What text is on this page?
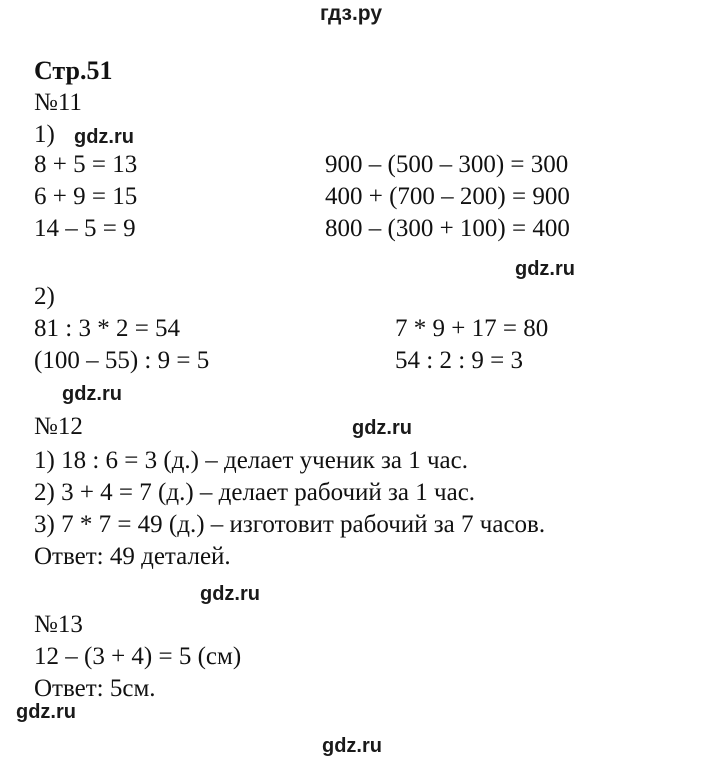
гдз.ру
Стр.51
№11
1) gdz.ru
8 + 5 = 13
6 + 9 = 15
14 – 5 = 9
900 – (500 – 300) = 300
400 + (700 – 200) = 900
800 – (300 + 100) = 400
gdz.ru
2)
81 : 3 * 2 = 54
(100 – 55) : 9 = 5
7 * 9 + 17 = 80
54 : 2 : 9 = 3
gdz.ru
№12	gdz.ru
1) 18 : 6 = 3 (д.) – делает ученик за 1 час.
2) 3 + 4 = 7 (д.) – делает рабочий за 1 час.
3) 7 * 7 = 49 (д.) – изготовит рабочий за 7 часов.
Ответ: 49 деталей.
gdz.ru
№13
12 – (3 + 4) = 5 (см)
Ответ: 5см.
gdz.ru
gdz.ru
